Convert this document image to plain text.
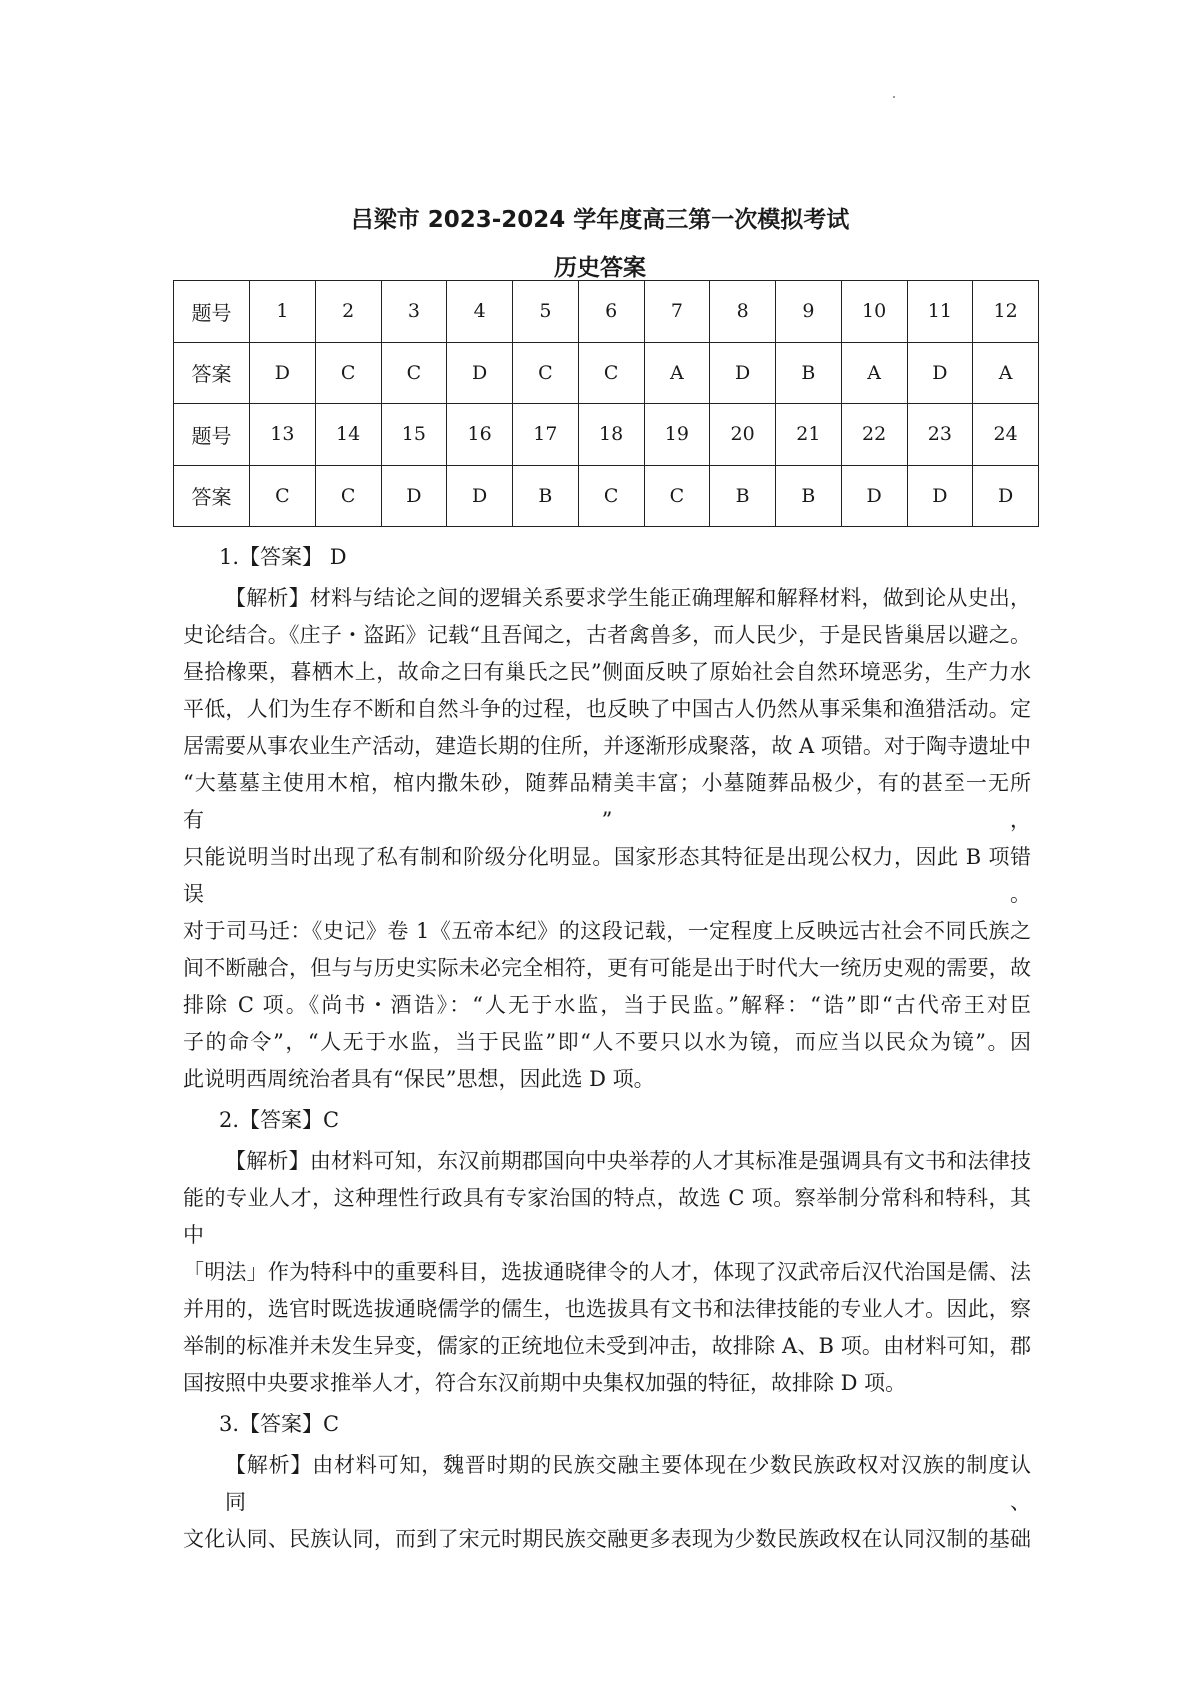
吕梁市 2023-2024 学年度高三第一次模拟考试
历史答案
题号	1	2	3	4	5	6	7	8	9	10	11	12
答案	D	C	C	D	C	C	A	D	B	A	D	A
题号	13	14	15	16	17	18	19	20	21	22	23	24
答案	C	C	D	D	B	C	C	B	B	D	D	D
1.【答案】 D
【解析】材料与结论之间的逻辑关系要求学生能正确理解和解释材料，做到论从史出，
史论结合。《庄子・盗跖》记载“且吾闻之，古者禽兽多，而人民少，于是民皆巢居以避之。
昼拾橡栗，暮栖木上，故命之曰有巢氏之民”侧面反映了原始社会自然环境恶劣，生产力水
平低，人们为生存不断和自然斗争的过程，也反映了中国古人仍然从事采集和渔猎活动。定
居需要从事农业生产活动，建造长期的住所，并逐渐形成聚落，故 A 项错。对于陶寺遗址中
“大墓墓主使用木棺，棺内撒朱砂，随葬品精美丰富；小墓随葬品极少，有的甚至一无所有”，
只能说明当时出现了私有制和阶级分化明显。国家形态其特征是出现公权力，因此 B 项错误。
对于司马迁：《史记》卷 1《五帝本纪》的这段记载，一定程度上反映远古社会不同氏族之
间不断融合，但与与历史实际未必完全相符，更有可能是出于时代大一统历史观的需要，故
排除 C 项。《尚书・酒诰》：“人无于水监，当于民监。”解释：“诰”即“古代帝王对臣
子的命令”，“人无于水监，当于民监”即“人不要只以水为镜，而应当以民众为镜”。因
此说明西周统治者具有“保民”思想，因此选 D 项。
2.【答案】C
【解析】由材料可知，东汉前期郡国向中央举荐的人才其标准是强调具有文书和法律技
能的专业人才，这种理性行政具有专家治国的特点，故选 C 项。察举制分常科和特科，其中
「明法」作为特科中的重要科目，选拔通晓律令的人才，体现了汉武帝后汉代治国是儒、法
并用的，选官时既选拔通晓儒学的儒生，也选拔具有文书和法律技能的专业人才。因此，察
举制的标准并未发生异变，儒家的正统地位未受到冲击，故排除 A、B 项。由材料可知，郡
国按照中央要求推举人才，符合东汉前期中央集权加强的特征，故排除 D 项。
3.【答案】C
【解析】由材料可知，魏晋时期的民族交融主要体现在少数民族政权对汉族的制度认同、
文化认同、民族认同，而到了宋元时期民族交融更多表现为少数民族政权在认同汉制的基础
